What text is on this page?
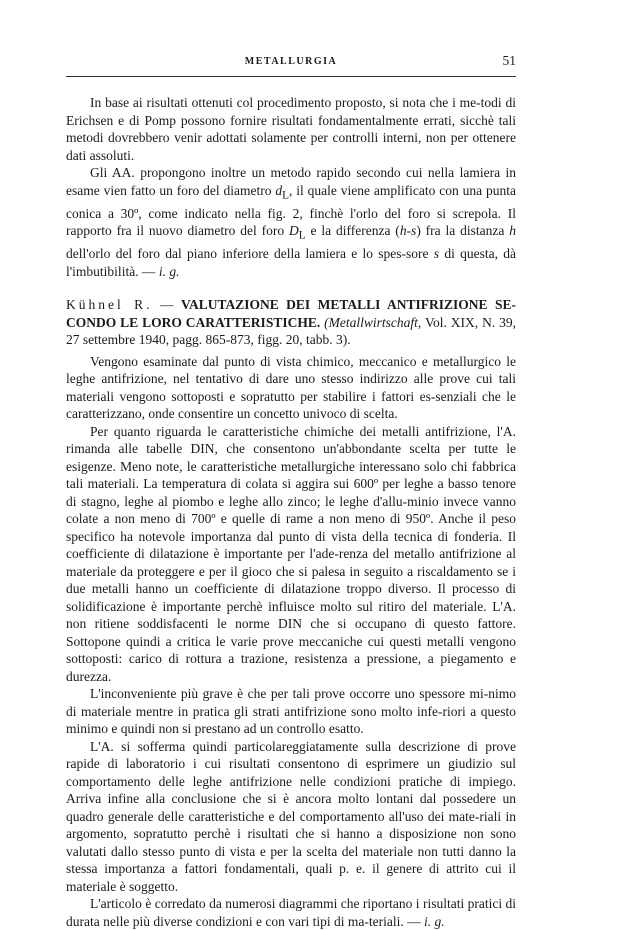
METALLURGIA	51

In base ai risultati ottenuti col procedimento proposto, si nota che i me-todi di Erichsen e di Pomp possono fornire risultati fondamentalmente errati, sicchè tali metodi dovrebbero venir adottati solamente per controlli interni, non per ottenere dati assoluti.

Gli AA. propongono inoltre un metodo rapido secondo cui nella lamiera in esame vien fatto un foro del diametro $d_L$, il quale viene amplificato con una punta conica a 30º, come indicato nella fig. 2, finchè l'orlo del foro si screpola. Il rapporto fra il nuovo diametro del foro $D_L$ e la differenza (h-s) fra la distanza h dell'orlo del foro dal piano inferiore della lamiera e lo spes-sore s di questa, dà l'imbutibilità. — i. g.

Kühnel R. — VALUTAZIONE DEI METALLI ANTIFRIZIONE SE-CONDO LE LORO CARATTERISTICHE. (Metallwirtschaft, Vol. XIX, N. 39, 27 settembre 1940, pagg. 865-873, figg. 20, tabb. 3).

Vengono esaminate dal punto di vista chimico, meccanico e metallurgico le leghe antifrizione, nel tentativo di dare uno stesso indirizzo alle prove cui tali materiali vengono sottoposti e sopratutto per stabilire i fattori es-senziali che le caratterizzano, onde consentire un concetto univoco di scelta.

Per quanto riguarda le caratteristiche chimiche dei metalli antifrizione, l'A. rimanda alle tabelle DIN, che consentono un'abbondante scelta per tutte le esigenze. Meno note, le caratteristiche metallurgiche interessano solo chi fabbrica tali materiali. La temperatura di colata si aggira sui 600º per leghe a basso tenore di stagno, leghe al piombo e leghe allo zinco; le leghe d'allu-minio invece vanno colate a non meno di 700º e quelle di rame a non meno di 950º. Anche il peso specifico ha notevole importanza dal punto di vista della tecnica di fonderia. Il coefficiente di dilatazione è importante per l'ade-renza del metallo antifrizione al materiale da proteggere e per il gioco che si palesa in seguito a riscaldamento se i due metalli hanno un coefficiente di dilatazione troppo diverso. Il processo di solidificazione è importante perchè influisce molto sul ritiro del materiale. L'A. non ritiene soddisfacenti le norme DIN che si occupano di questo fattore. Sottopone quindi a critica le varie prove meccaniche cui questi metalli vengono sottoposti: carico di rottura a trazione, resistenza a pressione, a piegamento e durezza.

L'inconveniente più grave è che per tali prove occorre uno spessore mi-nimo di materiale mentre in pratica gli strati antifrizione sono molto infe-riori a questo minimo e quindi non si prestano ad un controllo esatto.

L'A. si sofferma quindi particolareggiatamente sulla descrizione di prove rapide di laboratorio i cui risultati consentono di esprimere un giudizio sul comportamento delle leghe antifrizione nelle condizioni pratiche di impiego. Arriva infine alla conclusione che si è ancora molto lontani dal possedere un quadro generale delle caratteristiche e del comportamento all'uso dei mate-riali in argomento, sopratutto perchè i risultati che si hanno a disposizione non sono valutati dallo stesso punto di vista e per la scelta del materiale non tutti danno la stessa importanza a fattori fondamentali, quali p. e. il genere di attrito cui il materiale è soggetto.

L'articolo è corredato da numerosi diagrammi che riportano i risultati pratici di durata nelle più diverse condizioni e con vari tipi di ma-teriali. — i. g.
